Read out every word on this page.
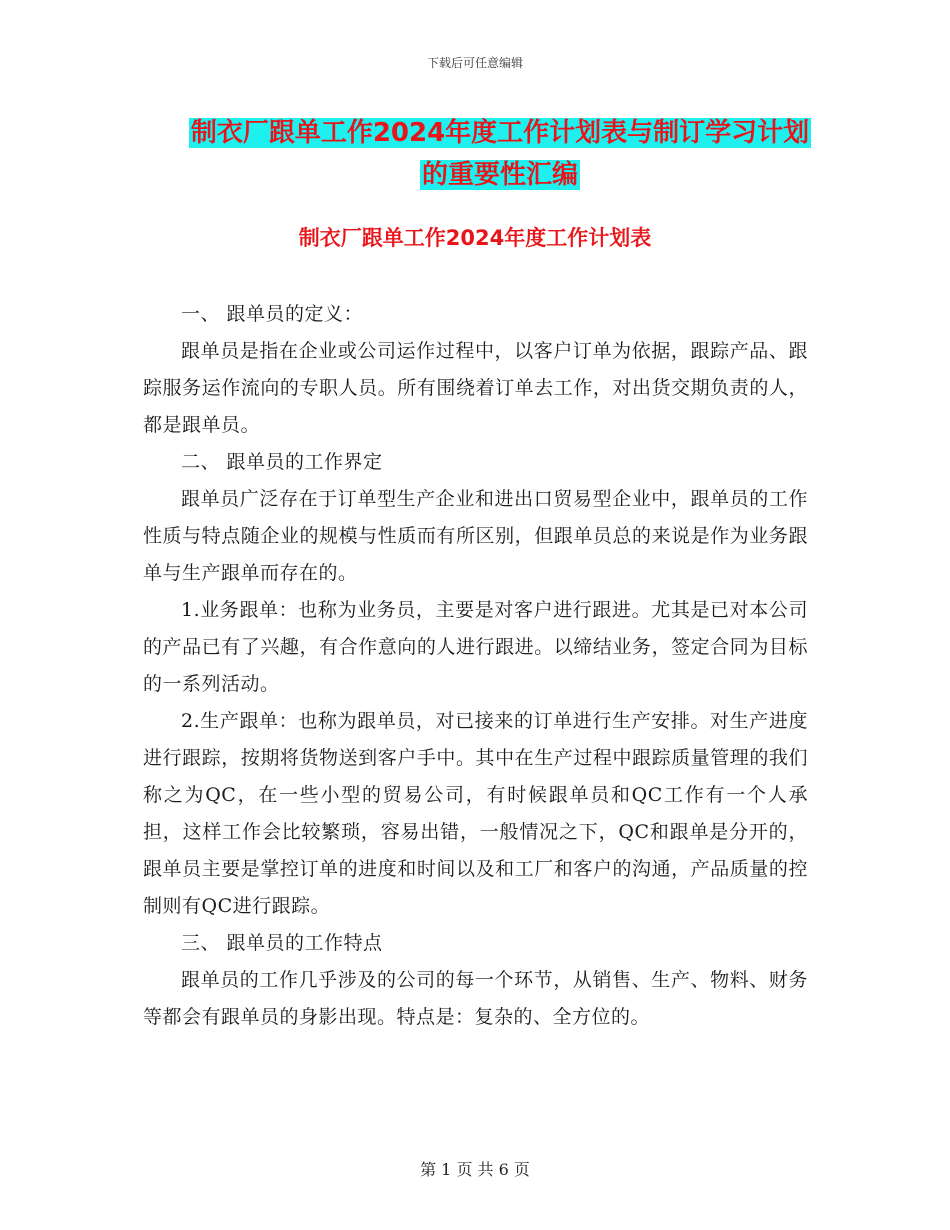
下载后可任意编辑
制衣厂跟单工作2024年度工作计划表与制订学习计划
的重要性汇编
制衣厂跟单工作2024年度工作计划表

一、 跟单员的定义：

跟单员是指在企业或公司运作过程中，以客户订单为依据，跟踪产品、跟踪服务运作流向的专职人员。所有围绕着订单去工作，对出货交期负责的人，都是跟单员。

二、 跟单员的工作界定

跟单员广泛存在于订单型生产企业和进出口贸易型企业中，跟单员的工作性质与特点随企业的规模与性质而有所区别，但跟单员总的来说是作为业务跟单与生产跟单而存在的。

1.业务跟单：也称为业务员，主要是对客户进行跟进。尤其是已对本公司的产品已有了兴趣，有合作意向的人进行跟进。以缔结业务，签定合同为目标的一系列活动。

2.生产跟单：也称为跟单员，对已接来的订单进行生产安排。对生产进度进行跟踪，按期将货物送到客户手中。其中在生产过程中跟踪质量管理的我们称之为QC，在一些小型的贸易公司，有时候跟单员和QC工作有一个人承担，这样工作会比较繁琐，容易出错，一般情况之下，QC和跟单是分开的，跟单员主要是掌控订单的进度和时间以及和工厂和客户的沟通，产品质量的控制则有QC进行跟踪。

三、 跟单员的工作特点

跟单员的工作几乎涉及的公司的每一个环节，从销售、生产、物料、财务等都会有跟单员的身影出现。特点是：复杂的、全方位的。

第 1 页 共 6 页
